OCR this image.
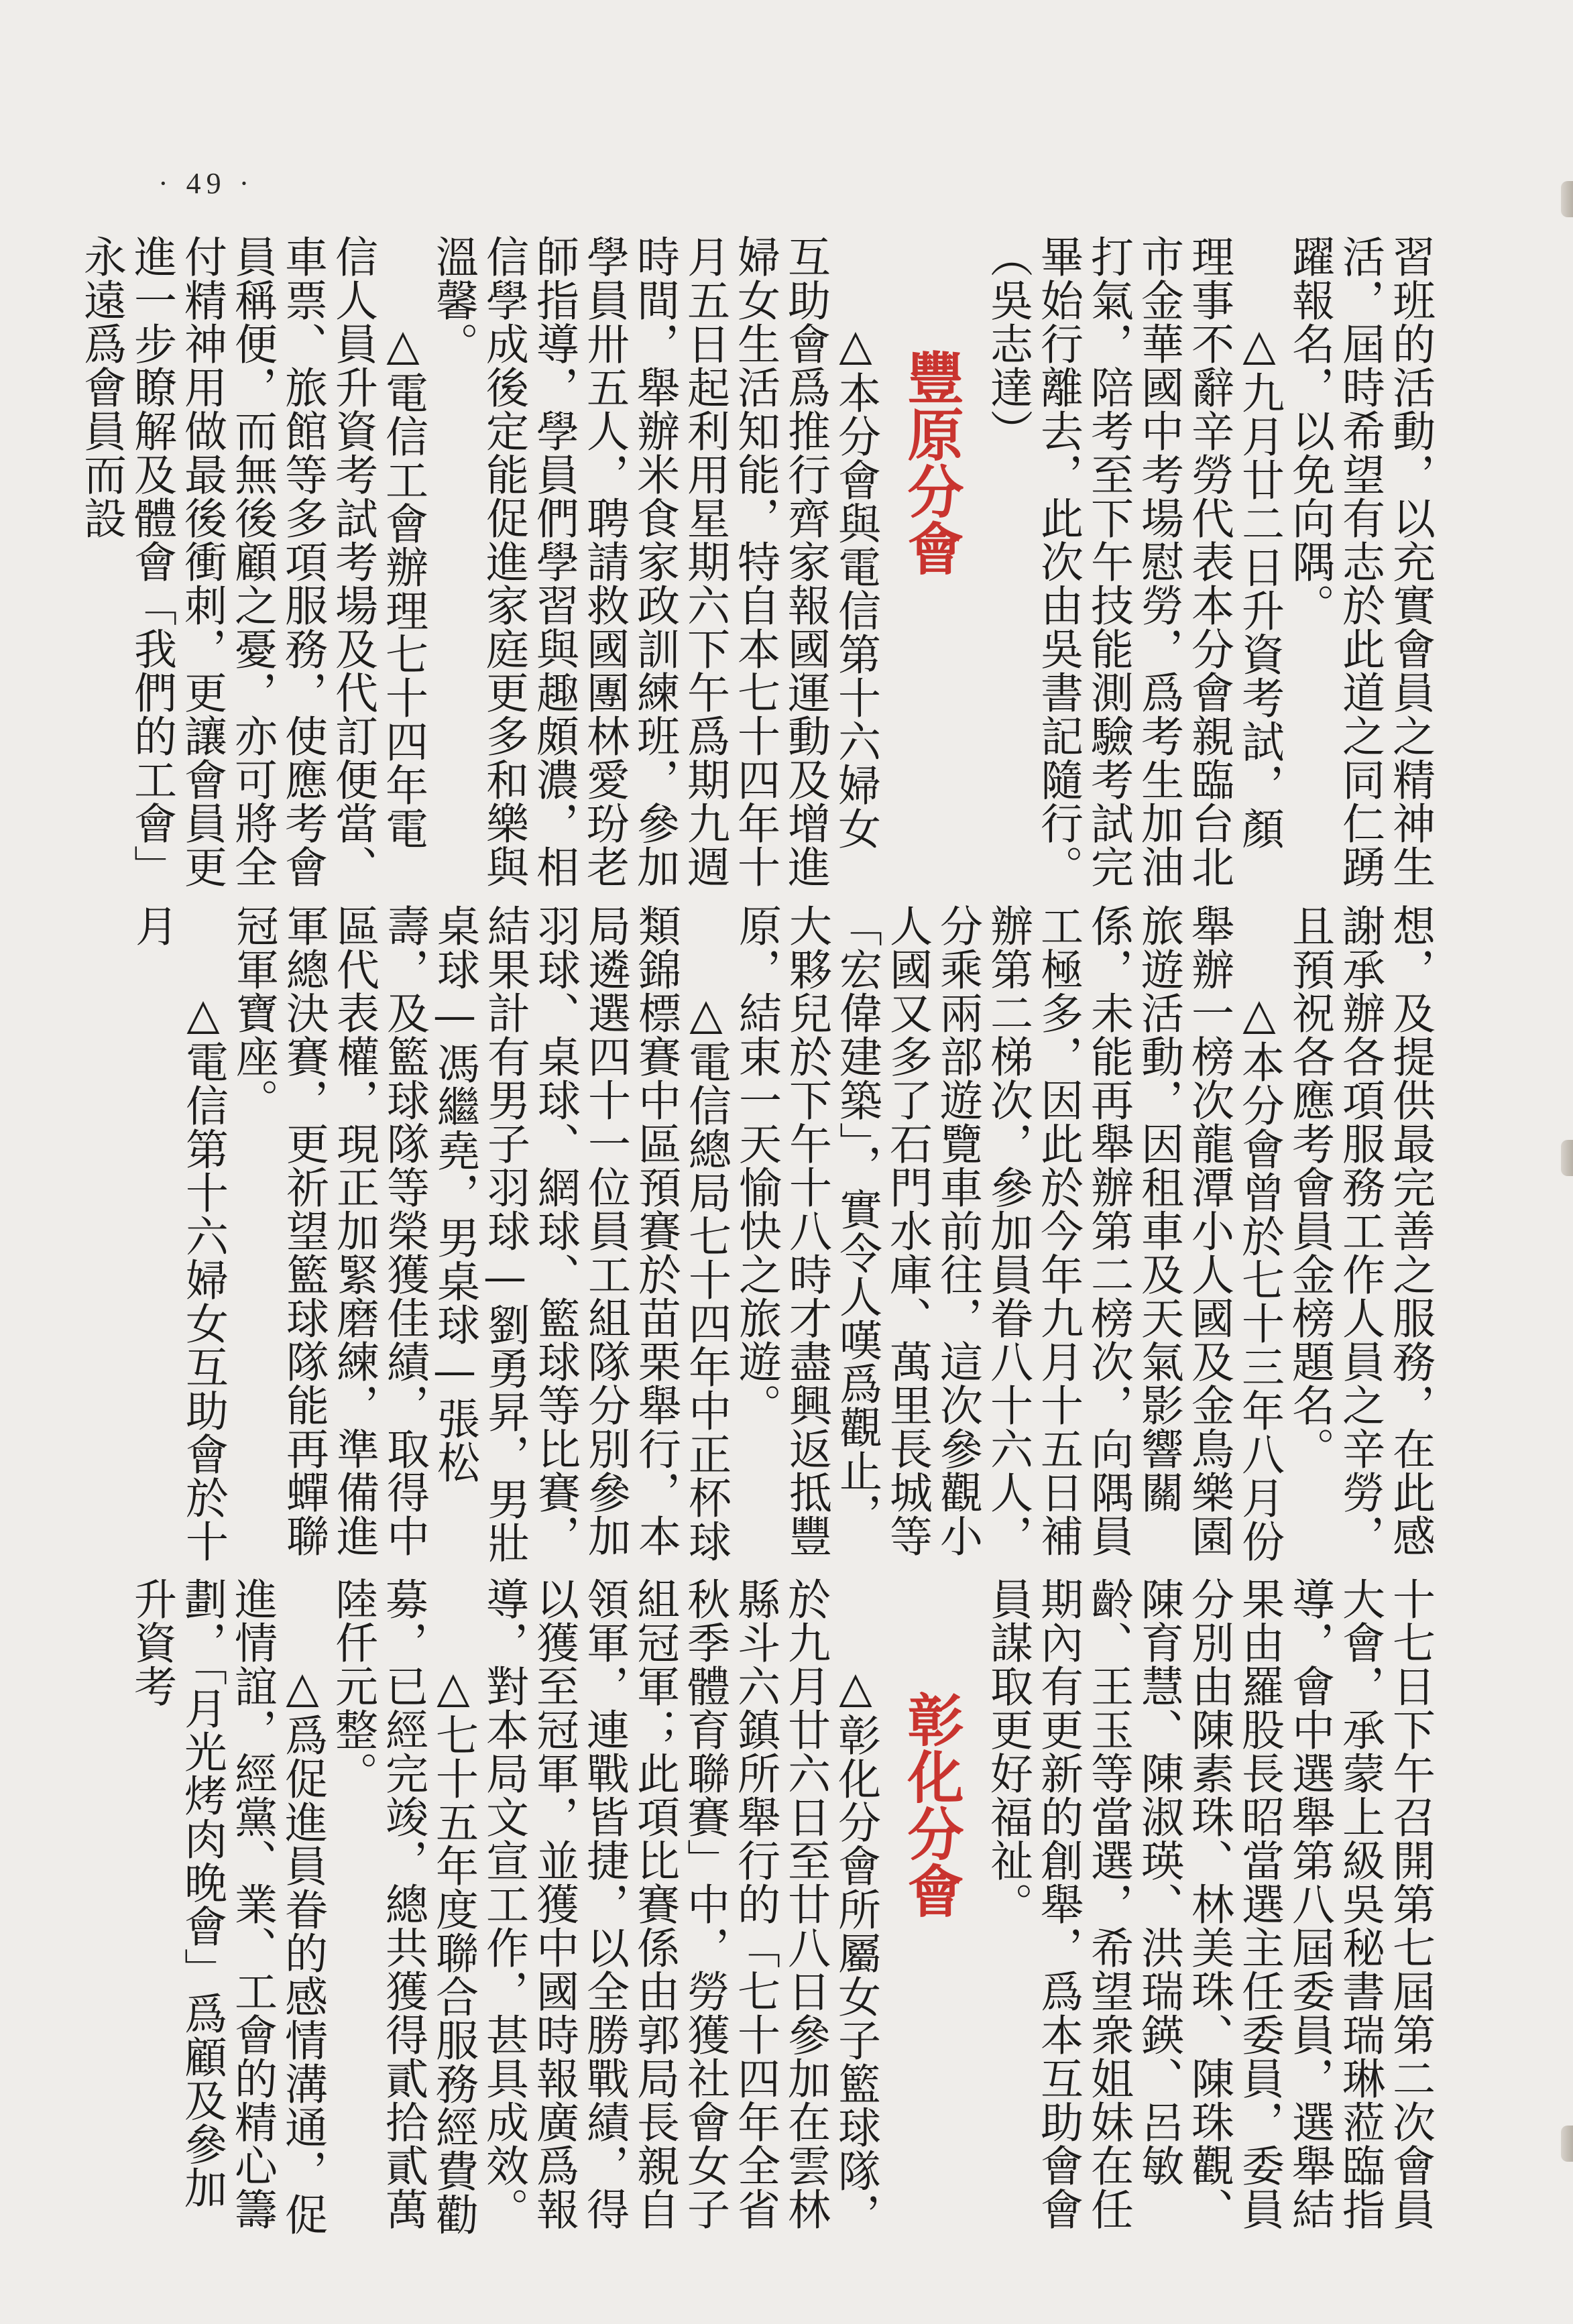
· 49 ·

習班的活動，以充實會員之精神生活，屆時希望有志於此道之同仁踴躍報名，以免向隅。

△九月廿二日升資考試，顏理事不辭辛勞代表本分會親臨台北市金華國中考場慰勞，爲考生加油打氣，陪考至下午技能測驗考試完畢始行離去，此次由吳書記隨行。（吳志達）

豐原分會

△本分會與電信第十六婦女互助會爲推行齊家報國運動及增進婦女生活知能，特自本七十四年十月五日起利用星期六下午爲期九週時間，舉辦米食家政訓練班，參加學員卅五人，聘請救國團林愛玢老師指導，學員們學習與趣頗濃，相信學成後定能促進家庭更多和樂與溫馨。

△電信工會辦理七十四年電信人員升資考試考場及代訂便當、車票、旅館等多項服務，使應考會員稱便，而無後顧之憂，亦可將全付精神用做最後衝刺，更讓會員更進一步瞭解及體會「我們的工會」永遠爲會員而設

想，及提供最完善之服務，在此感謝承辦各項服務工作人員之辛勞，且預祝各應考會員金榜題名。

△本分會曾於七十三年八月份舉辦一榜次龍潭小人國及金鳥樂園旅遊活動，因租車及天氣影響關係，未能再舉辦第二榜次，向隅員工極多，因此於今年九月十五日補辦第二梯次，參加員眷八十六人，分乘兩部遊覽車前往，這次參觀小人國又多了石門水庫、萬里長城等「宏偉建築」，實令人嘆爲觀止，大夥兒於下午十八時才盡興返抵豐原，結束一天愉快之旅遊。

△電信總局七十四年中正杯球類錦標賽中區預賽於苗栗舉行，本局遴選四十一位員工組隊分別參加羽球、桌球、網球、籃球等比賽，結果計有男子羽球—劉勇昇，男壯桌球—馮繼堯，男桌球—張松壽，及籃球隊等榮獲佳績，取得中區代表權，現正加緊磨練，準備進軍總決賽，更祈望籃球隊能再蟬聯冠軍寶座。

△電信第十六婦女互助會於十月

十七日下午召開第七屆第二次會員大會，承蒙上級吳秘書瑞琳蒞臨指導，會中選舉第八屆委員，選舉結果由羅股長昭當選主任委員，委員分別由陳素珠、林美珠、陳珠觀、陳育慧、陳淑瑛、洪瑞鍈、呂敏齡、王玉等當選，希望衆姐妹在任期內有更新的創舉，爲本互助會會員謀取更好福祉。

彰化分會

△彰化分會所屬女子籃球隊，於九月廿六日至廿八日參加在雲林縣斗六鎮所舉行的「七十四年全省秋季體育聯賽」中，勞獲社會女子組冠軍；此項比賽係由郭局長親自領軍，連戰皆捷，以全勝戰績，得以獲至冠軍，並獲中國時報廣爲報導，對本局文宣工作，甚具成效。

△七十五年度聯合服務經費勸募，已經完竣，總共獲得貳拾貳萬陸仟元整。

△爲促進員眷的感情溝通，促進情誼，經黨、業、工會的精心籌劃，「月光烤肉晚會」爲顧及參加升資考
